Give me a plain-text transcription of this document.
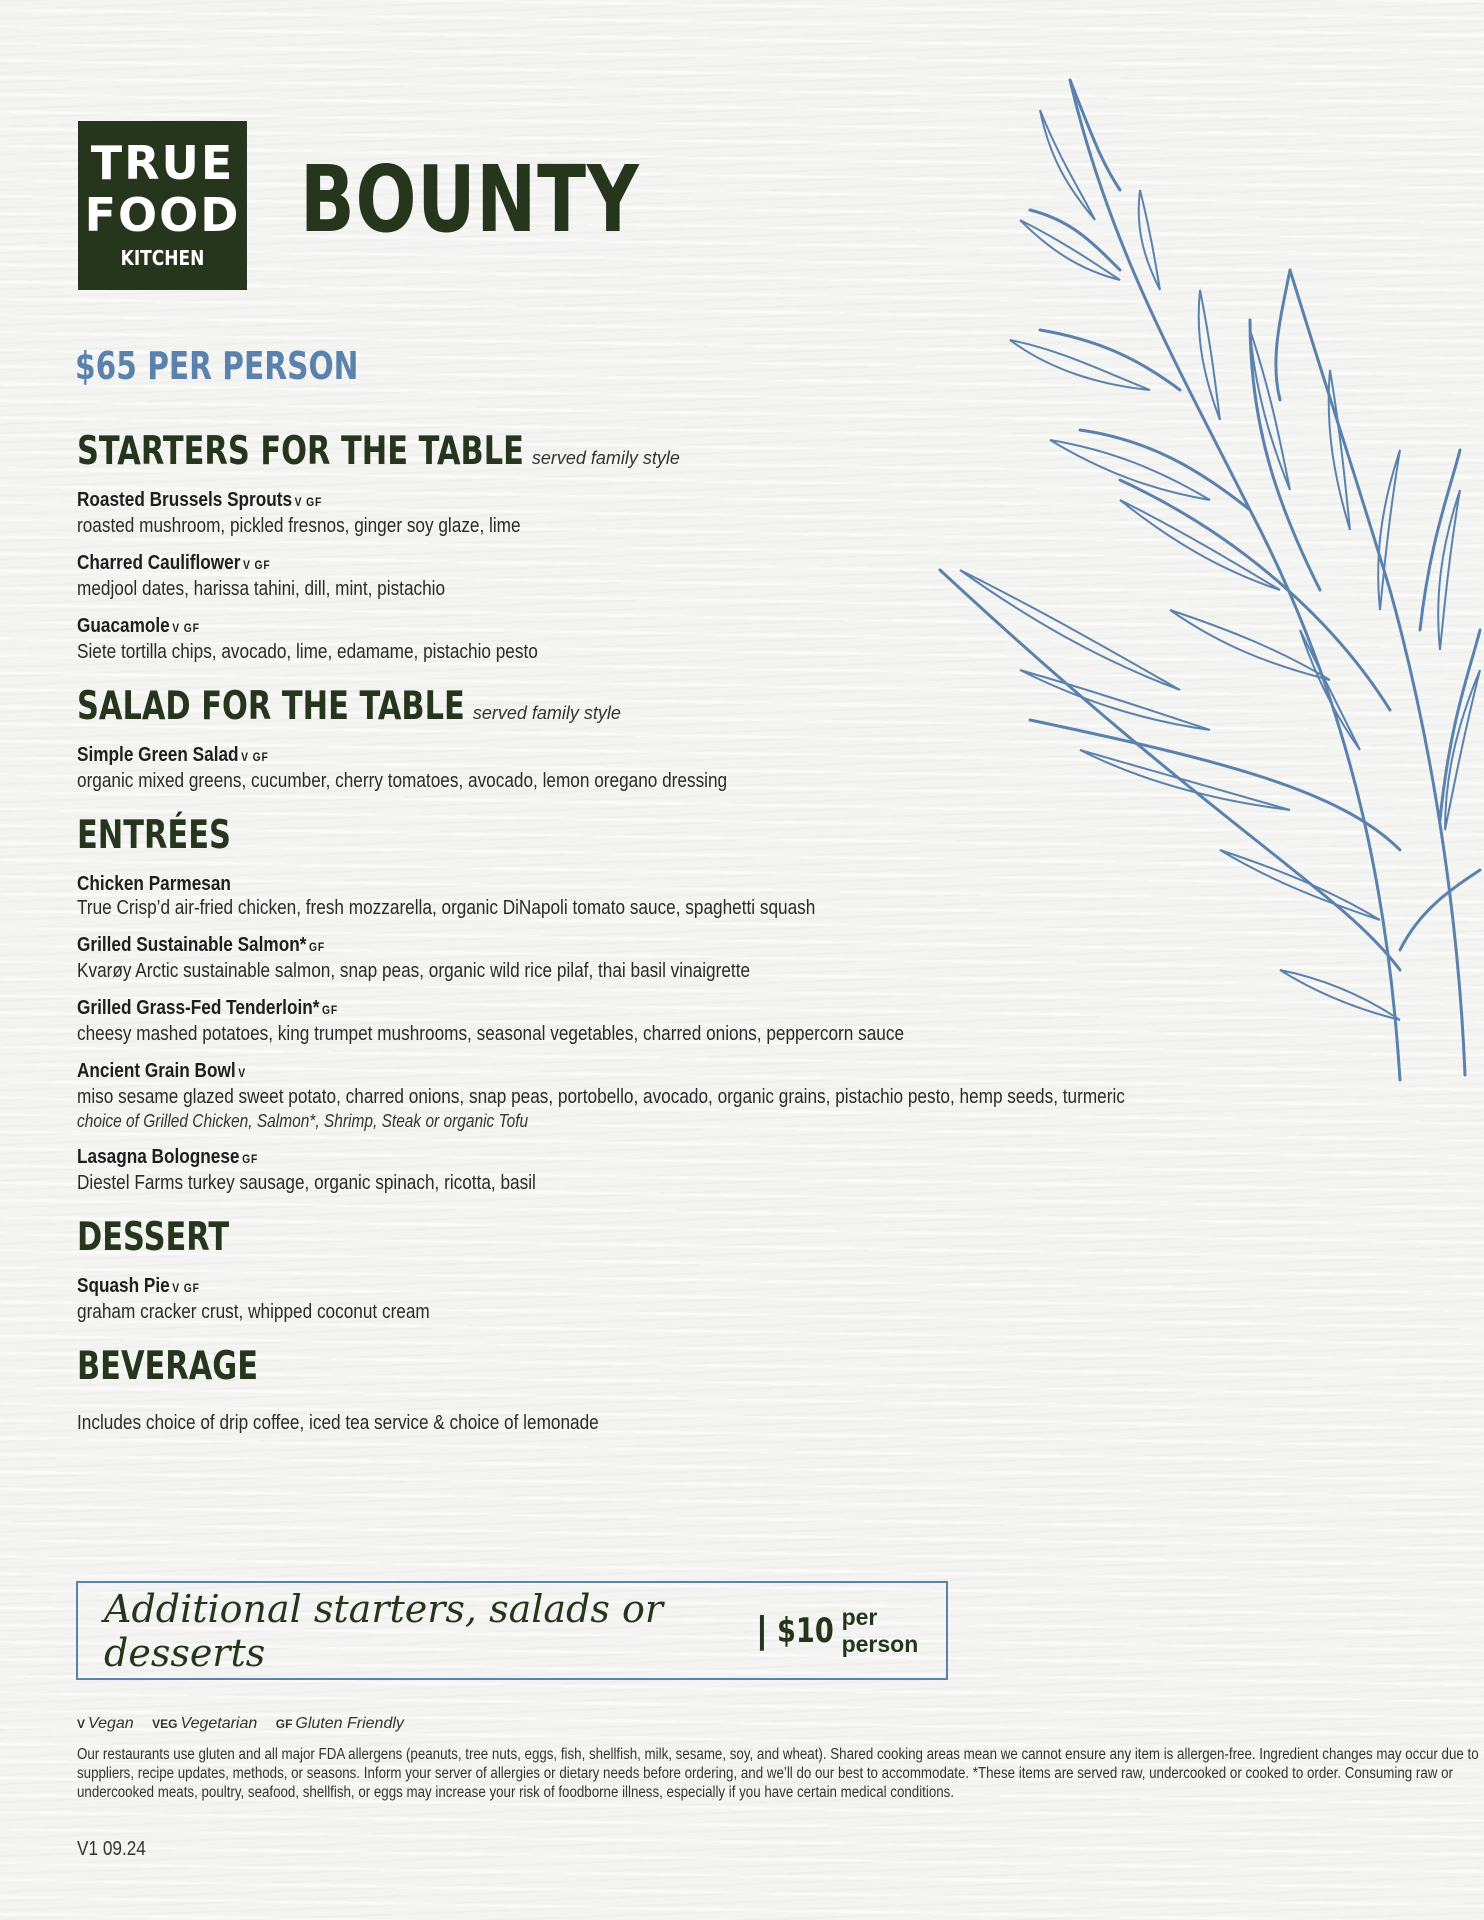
TRUE
FOOD
KITCHEN
BOUNTY
$65 PER PERSON
STARTERS FOR THE TABLE served family style
Roasted Brussels Sprouts V GF
roasted mushroom, pickled fresnos, ginger soy glaze, lime
Charred Cauliflower V GF
medjool dates, harissa tahini, dill, mint, pistachio
Guacamole V GF
Siete tortilla chips, avocado, lime, edamame, pistachio pesto
SALAD FOR THE TABLE served family style
Simple Green Salad V GF
organic mixed greens, cucumber, cherry tomatoes, avocado, lemon oregano dressing
ENTRÉES
Chicken Parmesan
True Crisp’d air-fried chicken, fresh mozzarella, organic DiNapoli tomato sauce, spaghetti squash
Grilled Sustainable Salmon* GF
Kvarøy Arctic sustainable salmon, snap peas, organic wild rice pilaf, thai basil vinaigrette
Grilled Grass-Fed Tenderloin* GF
cheesy mashed potatoes, king trumpet mushrooms, seasonal vegetables, charred onions, peppercorn sauce
Ancient Grain Bowl V
miso sesame glazed sweet potato, charred onions, snap peas, portobello, avocado, organic grains, pistachio pesto, hemp seeds, turmeric
choice of Grilled Chicken, Salmon*, Shrimp, Steak or organic Tofu
Lasagna Bolognese GF
Diestel Farms turkey sausage, organic spinach, ricotta, basil
DESSERT
Squash Pie V GF
graham cracker crust, whipped coconut cream
BEVERAGE
Includes choice of drip coffee, iced tea service & choice of lemonade
Additional starters, salads or desserts	| $10 per person
V Vegan VEG Vegetarian GF Gluten Friendly
Our restaurants use gluten and all major FDA allergens (peanuts, tree nuts, eggs, fish, shellfish, milk, sesame, soy, and wheat). Shared cooking areas mean we cannot ensure any item is allergen-free. Ingredient changes may occur due to suppliers, recipe updates, methods, or seasons. Inform your server of allergies or dietary needs before ordering, and we’ll do our best to accommodate. *These items are served raw, undercooked or cooked to order. Consuming raw or undercooked meats, poultry, seafood, shellfish, or eggs may increase your risk of foodborne illness, especially if you have certain medical conditions.
V1 09.24
